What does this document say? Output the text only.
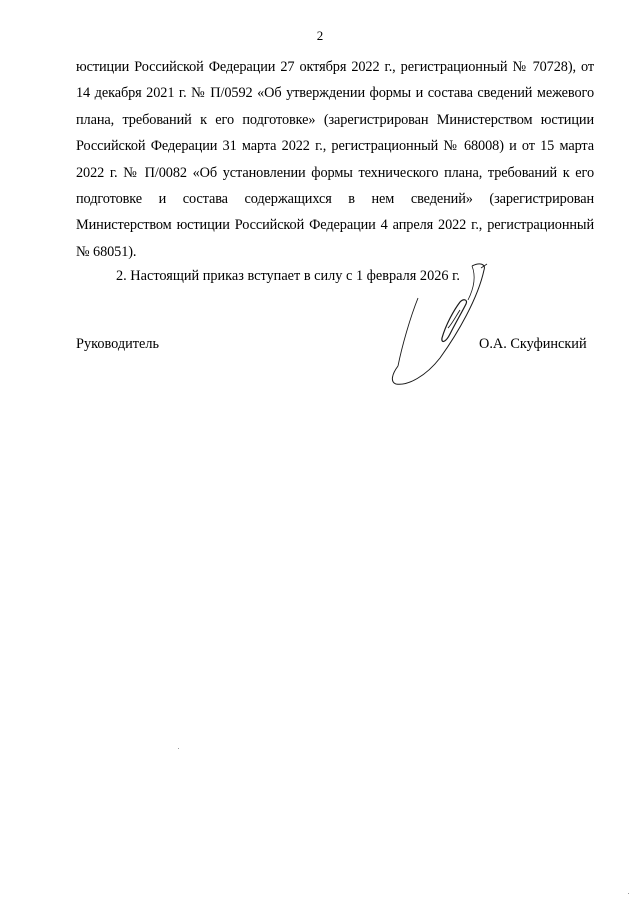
2
юстиции Российской Федерации 27 октября 2022 г., регистрационный № 70728), от 14 декабря 2021 г. № П/0592 «Об утверждении формы и состава сведений межевого плана, требований к его подготовке» (зарегистрирован Министерством юстиции Российской Федерации 31 марта 2022 г., регистрационный № 68008) и от 15 марта 2022 г. № П/0082 «Об установлении формы технического плана, требований к его подготовке и состава содержащихся в нем сведений» (зарегистрирован Министерством юстиции Российской Федерации 4 апреля 2022 г., регистрационный № 68051).
2. Настоящий приказ вступает в силу с 1 февраля 2026 г.
Руководитель	О.А. Скуфинский
